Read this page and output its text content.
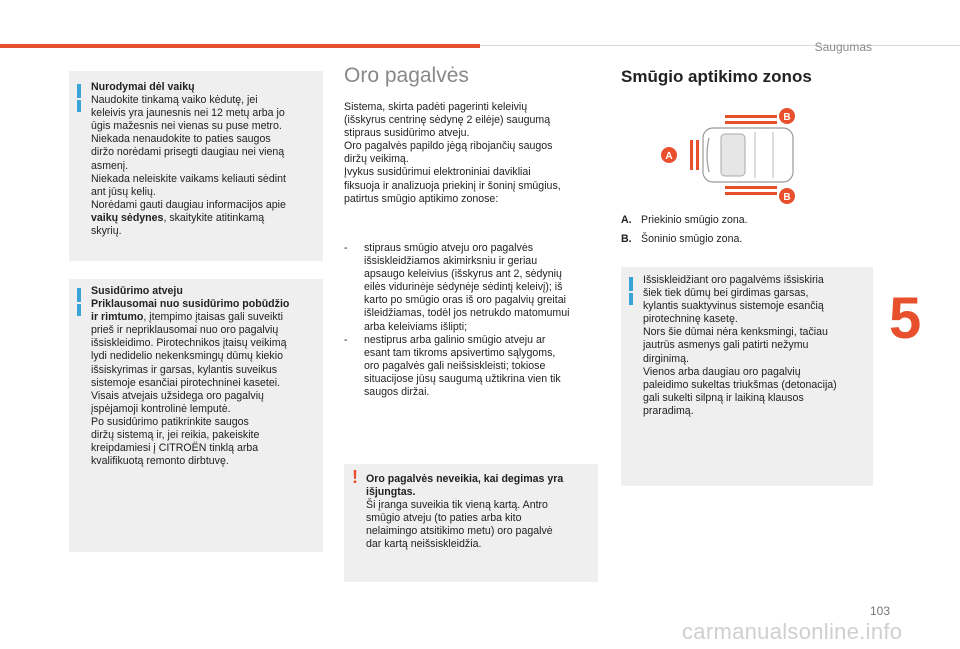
Saugumas
Nurodymai dėl vaikų
Naudokite tinkamą vaiko kėdutę, jei
keleivis yra jaunesnis nei 12 metų arba jo
ūgis mažesnis nei vienas su puse metro.
Niekada nenaudokite to paties saugos
diržo norėdami prisegti daugiau nei vieną
asmenį.
Niekada neleiskite vaikams keliauti sėdint
ant jūsų kelių.
Norėdami gauti daugiau informacijos apie
vaikų sėdynes, skaitykite atitinkamą
skyrių.
Susidūrimo atveju
Priklausomai nuo susidūrimo pobūdžio
ir rimtumo, įtempimo įtaisas gali suveikti
prieš ir nepriklausomai nuo oro pagalvių
išsiskleidimo. Pirotechnikos įtaisų veikimą
lydi nedidelio nekenksmingų dūmų kiekio
išsiskyrimas ir garsas, kylantis suveikus
sistemoje esančiai pirotechninei kasetei.
Visais atvejais užsidega oro pagalvių
įspėjamoji kontrolinė lemputė.
Po susidūrimo patikrinkite saugos
diržų sistemą ir, jei reikia, pakeiskite
kreipdamiesi į CITROËN tinklą arba
kvalifikuotą remonto dirbtuvę.
Oro pagalvės
Sistema, skirta padėti pagerinti keleivių
(išskyrus centrinę sėdynę 2 eilėje) saugumą
stipraus susidūrimo atveju.
Oro pagalvės papildo jėgą ribojančių saugos
diržų veikimą.
Įvykus susidūrimui elektroniniai davikliai
fiksuoja ir analizuoja priekinį ir šoninį smūgius,
patirtus smūgio aptikimo zonose:
- stipraus smūgio atveju oro pagalvės
išsiskleidžiamos akimirksniu ir geriau
apsaugo keleivius (išskyrus ant 2, sėdynių
eilės vidurinėje sėdynėje sėdintį keleivį); iš
karto po smūgio oras iš oro pagalvių greitai
išleidžiamas, todėl jos netrukdo matomumui
arba keleiviams išlipti;
- nestiprus arba galinio smūgio atveju ar
esant tam tikroms apsivertimo sąlygoms,
oro pagalvės gali neišsiskleisti; tokiose
situacijose jūsų saugumą užtikrina vien tik
saugos diržai.
! Oro pagalvės neveikia, kai degimas yra
išjungtas.
Ši įranga suveikia tik vieną kartą. Antro
smūgio atveju (to paties arba kito
nelaimingo atsitikimo metu) oro pagalvė
dar kartą neišsiskleidžia.
Smūgio aptikimo zonos
A
B
B
A. Priekinio smūgio zona.
B. Šoninio smūgio zona.
Išsiskleidžiant oro pagalvėms išsiskiria
šiek tiek dūmų bei girdimas garsas,
kylantis suaktyvinus sistemoje esančią
pirotechninę kasetę.
Nors šie dūmai nėra kenksmingi, tačiau
jautrūs asmenys gali patirti nežymu
dirginimą.
Vienos arba daugiau oro pagalvių
paleidimo sukeltas triukšmas (detonacija)
gali sukelti silpną ir laikiną klausos
praradimą.
5
103
carmanualsonline.info
